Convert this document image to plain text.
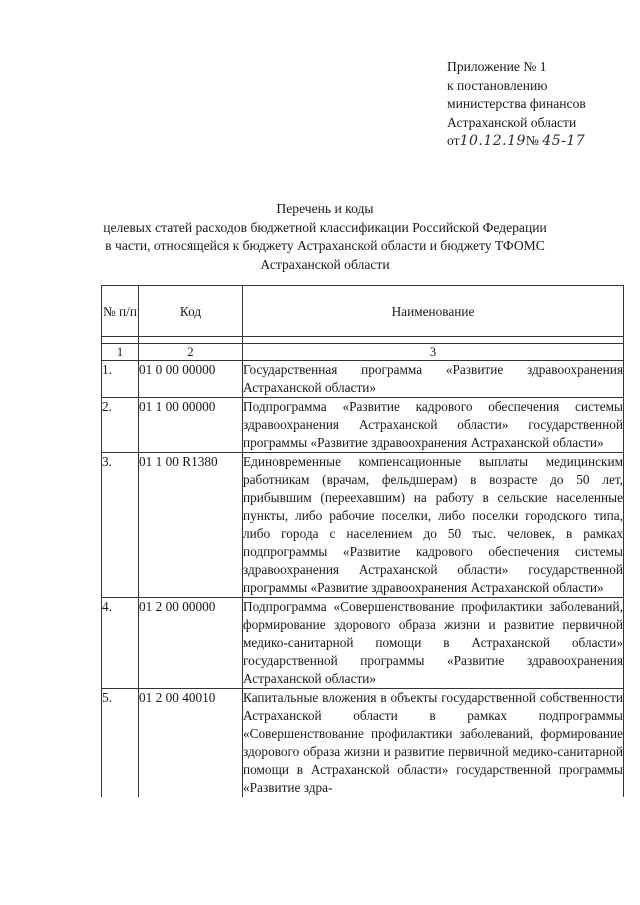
Приложение № 1
к постановлению
министерства финансов
Астраханской области
от10.12.19№ 45-17
Перечень и коды
целевых статей расходов бюджетной классификации Российской Федерации
в части, относящейся к бюджету Астраханской области и бюджету ТФОМС
Астраханской области
№ п/п	Код	Наименование

1	2	3
1.	01 0 00 00000	Государственная программа «Развитие здравоохранения Астраханской области»
2.	01 1 00 00000	Подпрограмма «Развитие кадрового обеспечения системы здравоохранения Астраханской области» государственной программы «Развитие здравоохранения Астраханской области»
3.	01 1 00 R1380	Единовременные компенсационные выплаты медицинским работникам (врачам, фельдшерам) в возрасте до 50 лет, прибывшим (переехавшим) на работу в сельские населенные пункты, либо рабочие поселки, либо поселки городского типа, либо города с населением до 50 тыс. человек, в рамках подпрограммы «Развитие кадрового обеспечения системы здравоохранения Астраханской области» государственной программы «Развитие здравоохранения Астраханской области»
4.	01 2 00 00000	Подпрограмма «Совершенствование профилактики заболеваний, формирование здорового образа жизни и развитие первичной медико-санитарной помощи в Астраханской области» государственной программы «Развитие здравоохранения Астраханской области»
5.	01 2 00 40010	Капитальные вложения в объекты государственной собственности Астраханской области в рамках подпрограммы «Совершенствование профилактики заболеваний, формирование здорового образа жизни и развитие первичной медико-санитарной помощи в Астраханской области» государственной программы «Развитие здра-
